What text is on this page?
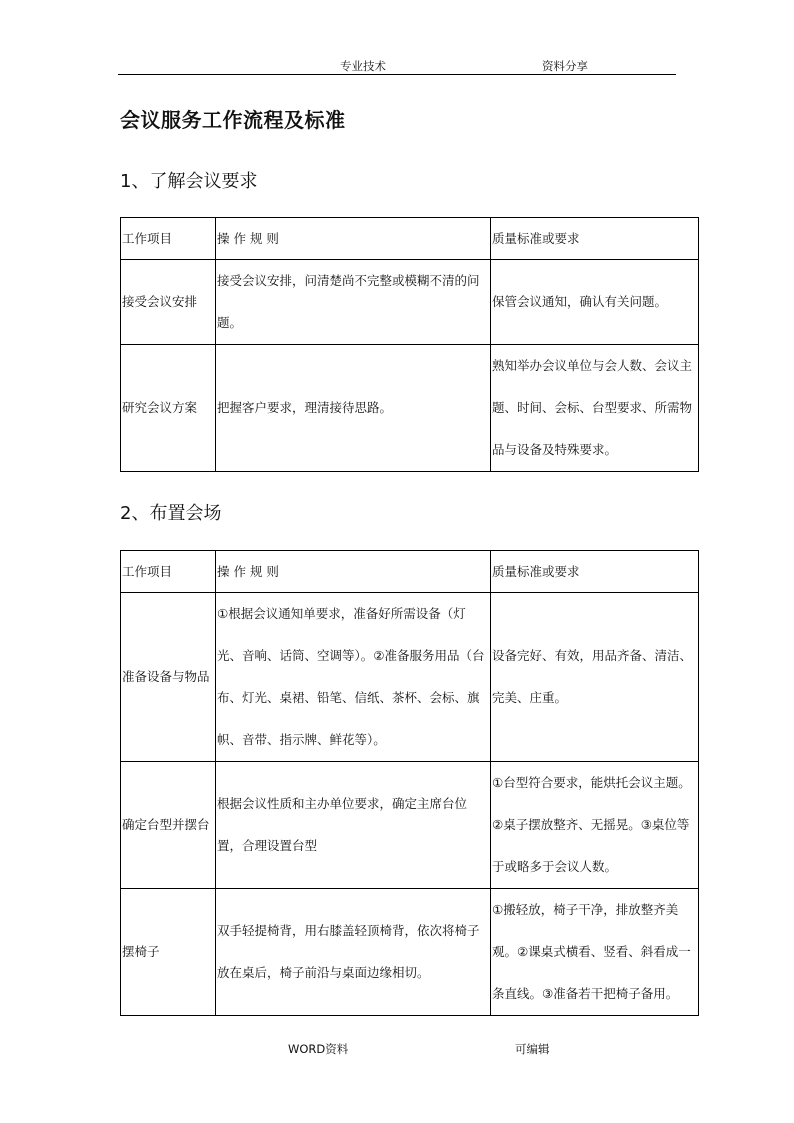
专业技术	资料分享
会议服务工作流程及标准
1、了解会议要求
工作项目	操 作 规 则	质量标准或要求
接受会议安排	接受会议安排，问清楚尚不完整或模糊不清的问题。	保管会议通知，确认有关问题。
研究会议方案	把握客户要求，理清接待思路。	熟知举办会议单位与会人数、会议主题、时间、会标、台型要求、所需物品与设备及特殊要求。
2、布置会场
工作项目	操 作 规 则	质量标准或要求
准备设备与物品	①根据会议通知单要求，准备好所需设备（灯光、音响、话筒、空调等）。②准备服务用品（台布、灯光、桌裙、铅笔、信纸、茶杯、会标、旗帜、音带、指示牌、鲜花等）。	设备完好、有效，用品齐备、清洁、完美、庄重。
确定台型并摆台	根据会议性质和主办单位要求，确定主席台位置，合理设置台型	①台型符合要求，能烘托会议主题。②桌子摆放整齐、无摇晃。③桌位等于或略多于会议人数。
摆椅子	双手轻提椅背，用右膝盖轻顶椅背，依次将椅子放在桌后，椅子前沿与桌面边缘相切。	①搬轻放，椅子干净，排放整齐美观。②课桌式横看、竖看、斜看成一条直线。③准备若干把椅子备用。
WORD资料	可编辑
